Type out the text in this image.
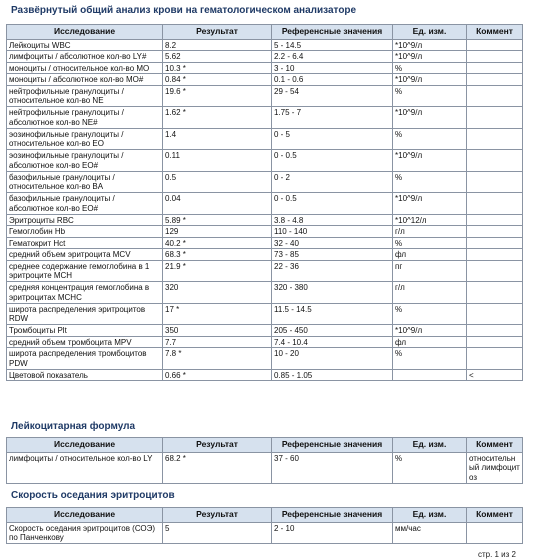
Развёрнутый общий анализ крови на гематологическом анализаторе
Исследование	Результат	Референсные значения	Ед. изм.	Коммент
Лейкоциты WBC	8.2	5 - 14.5	*10^9/л	
лимфоциты / абсолютное кол-во LY#	5.62	2.2 - 6.4	*10^9/л	
моноциты / относительное кол-во MO	10.3 *	3 - 10	%	
моноциты / абсолютное кол-во MO#	0.84 *	0.1 - 0.6	*10^9/л	
нейтрофильные гранулоциты / относительное кол-во NE	19.6 *	29 - 54	%	
нейтрофильные гранулоциты / абсолютное кол-во NE#	1.62 *	1.75 - 7	*10^9/л	
эозинофильные гранулоциты / относительное кол-во EO	1.4	0 - 5	%	
эозинофильные гранулоциты / абсолютное кол-во EO#	0.11	0 - 0.5	*10^9/л	
базофильные гранулоциты / относительное кол-во BA	0.5	0 - 2	%	
базофильные гранулоциты / абсолютное кол-во EO#	0.04	0 - 0.5	*10^9/л	
Эритроциты RBC	5.89 *	3.8 - 4.8	*10^12/л	
Гемоглобин Hb	129	110 - 140	г/л	
Гематокрит Hct	40.2 *	32 - 40	%	
средний объем эритроцита MCV	68.3 *	73 - 85	фл	
среднее содержание гемоглобина в 1 эритроците MCH	21.9 *	22 - 36	пг	
средняя концентрация гемоглобина в эритроцитах MCHC	320	320 - 380	г/л	
широта распределения эритроцитов RDW	17 *	11.5 - 14.5	%	
Тромбоциты Plt	350	205 - 450	*10^9/л	
средний объем тромбоцита MPV	7.7	7.4 - 10.4	фл	
широта распределения тромбоцитов PDW	7.8 *	10 - 20	%	
Цветовой показатель	0.66 *	0.85 - 1.05		<
Лейкоцитарная формула
Исследование	Результат	Референсные значения	Ед. изм.	Коммент
лимфоциты / относительное кол-во LY	68.2 *	37 - 60	%	относительный лимфоцитоз
Скорость оседания эритроцитов
Исследование	Результат	Референсные значения	Ед. изм.	Коммент
Скорость оседания эритроцитов (СОЭ) по Панченкову	5	2 - 10	мм/час	
стр. 1 из 2
